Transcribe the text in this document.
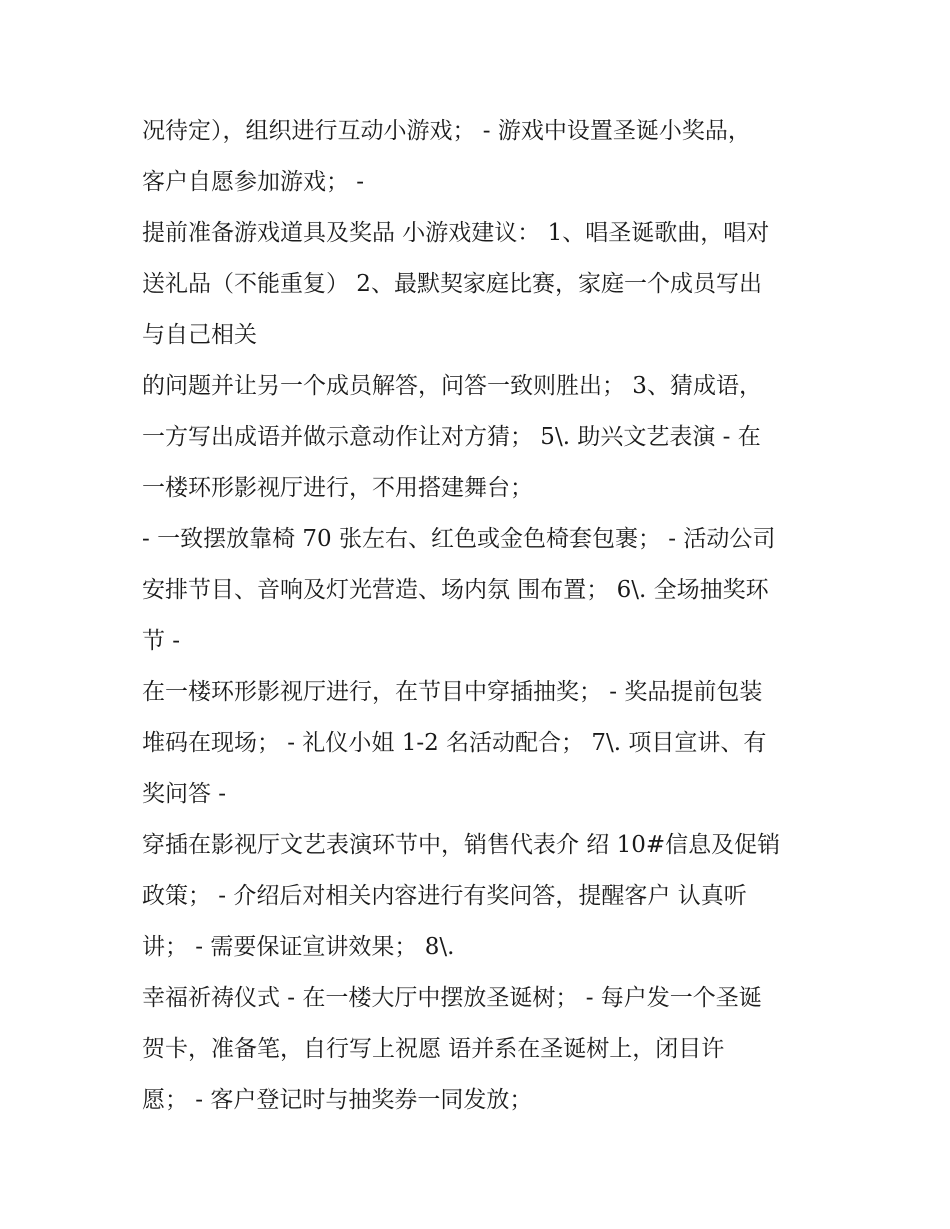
况待定），组织进行互动小游戏； - 游戏中设置圣诞小奖品，
客户自愿参加游戏； -
提前准备游戏道具及奖品 小游戏建议： 1、唱圣诞歌曲，唱对
送礼品（不能重复） 2、最默契家庭比赛，家庭一个成员写出
与自己相关
的问题并让另一个成员解答，问答一致则胜出； 3、猜成语，
一方写出成语并做示意动作让对方猜； 5\. 助兴文艺表演 - 在
一楼环形影视厅进行，不用搭建舞台；
- 一致摆放靠椅 70 张左右、红色或金色椅套包裹； - 活动公司
安排节目、音响及灯光营造、场内氛 围布置； 6\. 全场抽奖环
节 -
在一楼环形影视厅进行，在节目中穿插抽奖； - 奖品提前包装
堆码在现场； - 礼仪小姐 1-2 名活动配合； 7\. 项目宣讲、有
奖问答 -
穿插在影视厅文艺表演环节中，销售代表介 绍 10#信息及促销
政策； - 介绍后对相关内容进行有奖问答，提醒客户 认真听
讲； - 需要保证宣讲效果； 8\.
幸福祈祷仪式 - 在一楼大厅中摆放圣诞树； - 每户发一个圣诞
贺卡，准备笔，自行写上祝愿 语并系在圣诞树上，闭目许
愿； - 客户登记时与抽奖券一同发放；
